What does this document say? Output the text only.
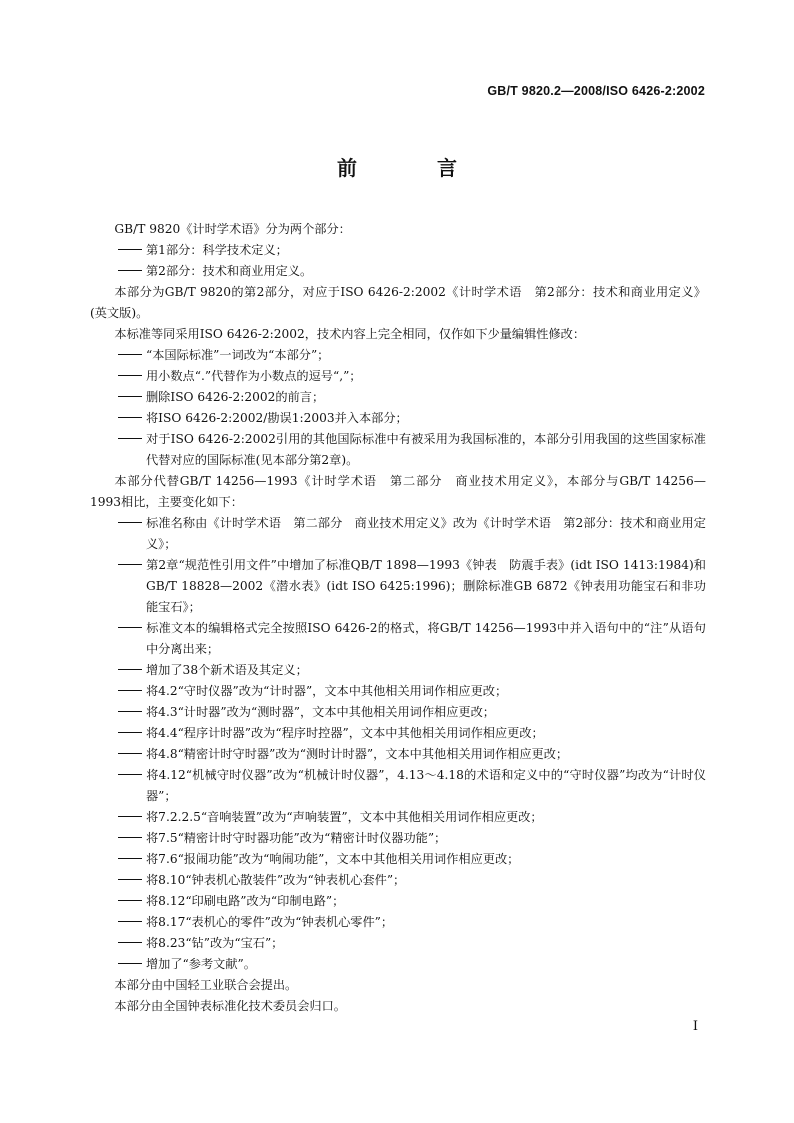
GB/T 9820.2—2008/ISO 6426-2:2002
前　言

GB/T 9820《计时学术语》分为两个部分：

第1部分：科学技术定义；

第2部分：技术和商业用定义。

本部分为GB/T 9820的第2部分，对应于ISO 6426-2:2002《计时学术语　第2部分：技术和商业用定义》(英文版)。

本标准等同采用ISO 6426-2:2002，技术内容上完全相同，仅作如下少量编辑性修改：

“本国际标准”一词改为“本部分”；

用小数点“.”代替作为小数点的逗号“,”；

删除ISO 6426-2:2002的前言；

将ISO 6426-2:2002/勘误1:2003并入本部分；

对于ISO 6426-2:2002引用的其他国际标准中有被采用为我国标准的，本部分引用我国的这些国家标准代替对应的国际标准(见本部分第2章)。

本部分代替GB/T 14256—1993《计时学术语　第二部分　商业技术用定义》，本部分与GB/T 14256—1993相比，主要变化如下：

标准名称由《计时学术语　第二部分　商业技术用定义》改为《计时学术语　第2部分：技术和商业用定义》；

第2章“规范性引用文件”中增加了标准QB/T 1898—1993《钟表　防震手表》(idt ISO 1413:1984)和GB/T 18828—2002《潜水表》(idt ISO 6425:1996)；删除标准GB 6872《钟表用功能宝石和非功能宝石》；

标准文本的编辑格式完全按照ISO 6426-2的格式，将GB/T 14256—1993中并入语句中的“注”从语句中分离出来；

增加了38个新术语及其定义；

将4.2“守时仪器”改为“计时器”，文本中其他相关用词作相应更改；

将4.3“计时器”改为“测时器”，文本中其他相关用词作相应更改；

将4.4“程序计时器”改为“程序时控器”，文本中其他相关用词作相应更改；

将4.8“精密计时守时器”改为“测时计时器”，文本中其他相关用词作相应更改；

将4.12“机械守时仪器”改为“机械计时仪器”，4.13～4.18的术语和定义中的“守时仪器”均改为“计时仪器”；

将7.2.2.5“音响装置”改为“声响装置”，文本中其他相关用词作相应更改；

将7.5“精密计时守时器功能”改为“精密计时仪器功能”；

将7.6“报闹功能”改为“响闹功能”，文本中其他相关用词作相应更改；

将8.10“钟表机心散装件”改为“钟表机心套件”；

将8.12“印刷电路”改为“印制电路”；

将8.17“表机心的零件”改为“钟表机心零件”；

将8.23“钻”改为“宝石”；

增加了“参考文献”。

本部分由中国轻工业联合会提出。

本部分由全国钟表标准化技术委员会归口。

I
